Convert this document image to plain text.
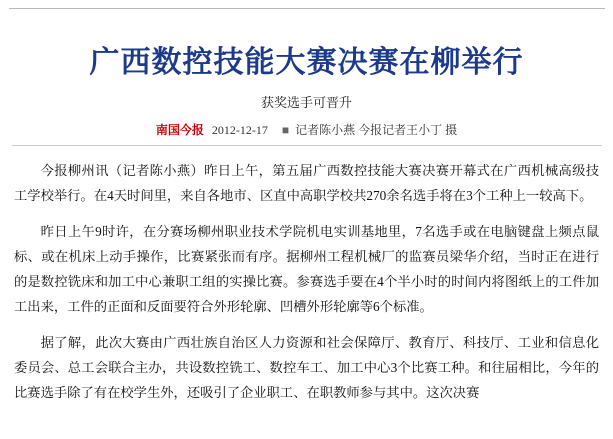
广西数控技能大赛决赛在柳举行
获奖选手可晋升
南国今报 2012-12-17 ■ 记者陈小燕 今报记者王小丁 摄

今报柳州讯（记者陈小燕）昨日上午，第五届广西数控技能大赛决赛开幕式在广西机械高级技工学校举行。在4天时间里，来自各地市、区直中高职学校共270余名选手将在3个工种上一较高下。

昨日上午9时许，在分赛场柳州职业技术学院机电实训基地里，7名选手或在电脑键盘上频点鼠标、或在机床上动手操作，比赛紧张而有序。据柳州工程机械厂的监赛员梁华介绍，当时正在进行的是数控铣床和加工中心兼职工组的实操比赛。参赛选手要在4个半小时的时间内将图纸上的工件加工出来，工件的正面和反面要符合外形轮廓、凹槽外形轮廓等6个标准。

据了解，此次大赛由广西壮族自治区人力资源和社会保障厅、教育厅、科技厅、工业和信息化委员会、总工会联合主办，共设数控铣工、数控车工、加工中心3个比赛工种。和往届相比，今年的比赛选手除了有在校学生外，还吸引了企业职工、在职教师参与其中。这次决赛
